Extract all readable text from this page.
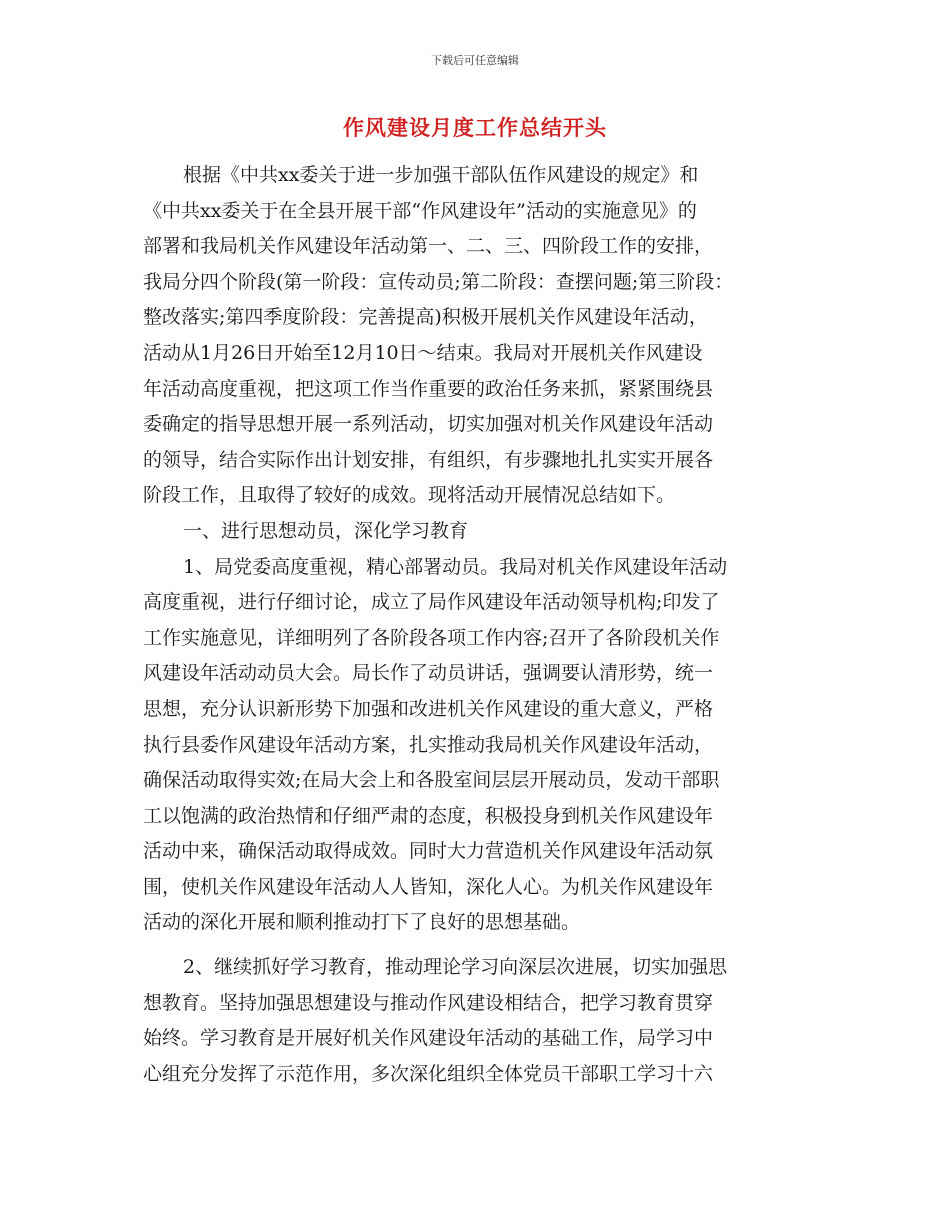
下载后可任意编辑
作风建设月度工作总结开头
根据《中共xx委关于进一步加强干部队伍作风建设的规定》和
《中共xx委关于在全县开展干部“作风建设年”活动的实施意见》的
部署和我局机关作风建设年活动第一、二、三、四阶段工作的安排，
我局分四个阶段(第一阶段：宣传动员;第二阶段：查摆问题;第三阶段：
整改落实;第四季度阶段：完善提高)积极开展机关作风建设年活动，
活动从1月26日开始至12月10日～结束。我局对开展机关作风建设
年活动高度重视，把这项工作当作重要的政治任务来抓，紧紧围绕县
委确定的指导思想开展一系列活动，切实加强对机关作风建设年活动
的领导，结合实际作出计划安排，有组织，有步骤地扎扎实实开展各
阶段工作，且取得了较好的成效。现将活动开展情况总结如下。
一、进行思想动员，深化学习教育
1、局党委高度重视，精心部署动员。我局对机关作风建设年活动
高度重视，进行仔细讨论，成立了局作风建设年活动领导机构;印发了
工作实施意见，详细明列了各阶段各项工作内容;召开了各阶段机关作
风建设年活动动员大会。局长作了动员讲话，强调要认清形势，统一
思想，充分认识新形势下加强和改进机关作风建设的重大意义，严格
执行县委作风建设年活动方案，扎实推动我局机关作风建设年活动，
确保活动取得实效;在局大会上和各股室间层层开展动员，发动干部职
工以饱满的政治热情和仔细严肃的态度，积极投身到机关作风建设年
活动中来，确保活动取得成效。同时大力营造机关作风建设年活动氛
围，使机关作风建设年活动人人皆知，深化人心。为机关作风建设年
活动的深化开展和顺利推动打下了良好的思想基础。
2、继续抓好学习教育，推动理论学习向深层次进展，切实加强思
想教育。坚持加强思想建设与推动作风建设相结合，把学习教育贯穿
始终。学习教育是开展好机关作风建设年活动的基础工作，局学习中
心组充分发挥了示范作用，多次深化组织全体党员干部职工学习十六
